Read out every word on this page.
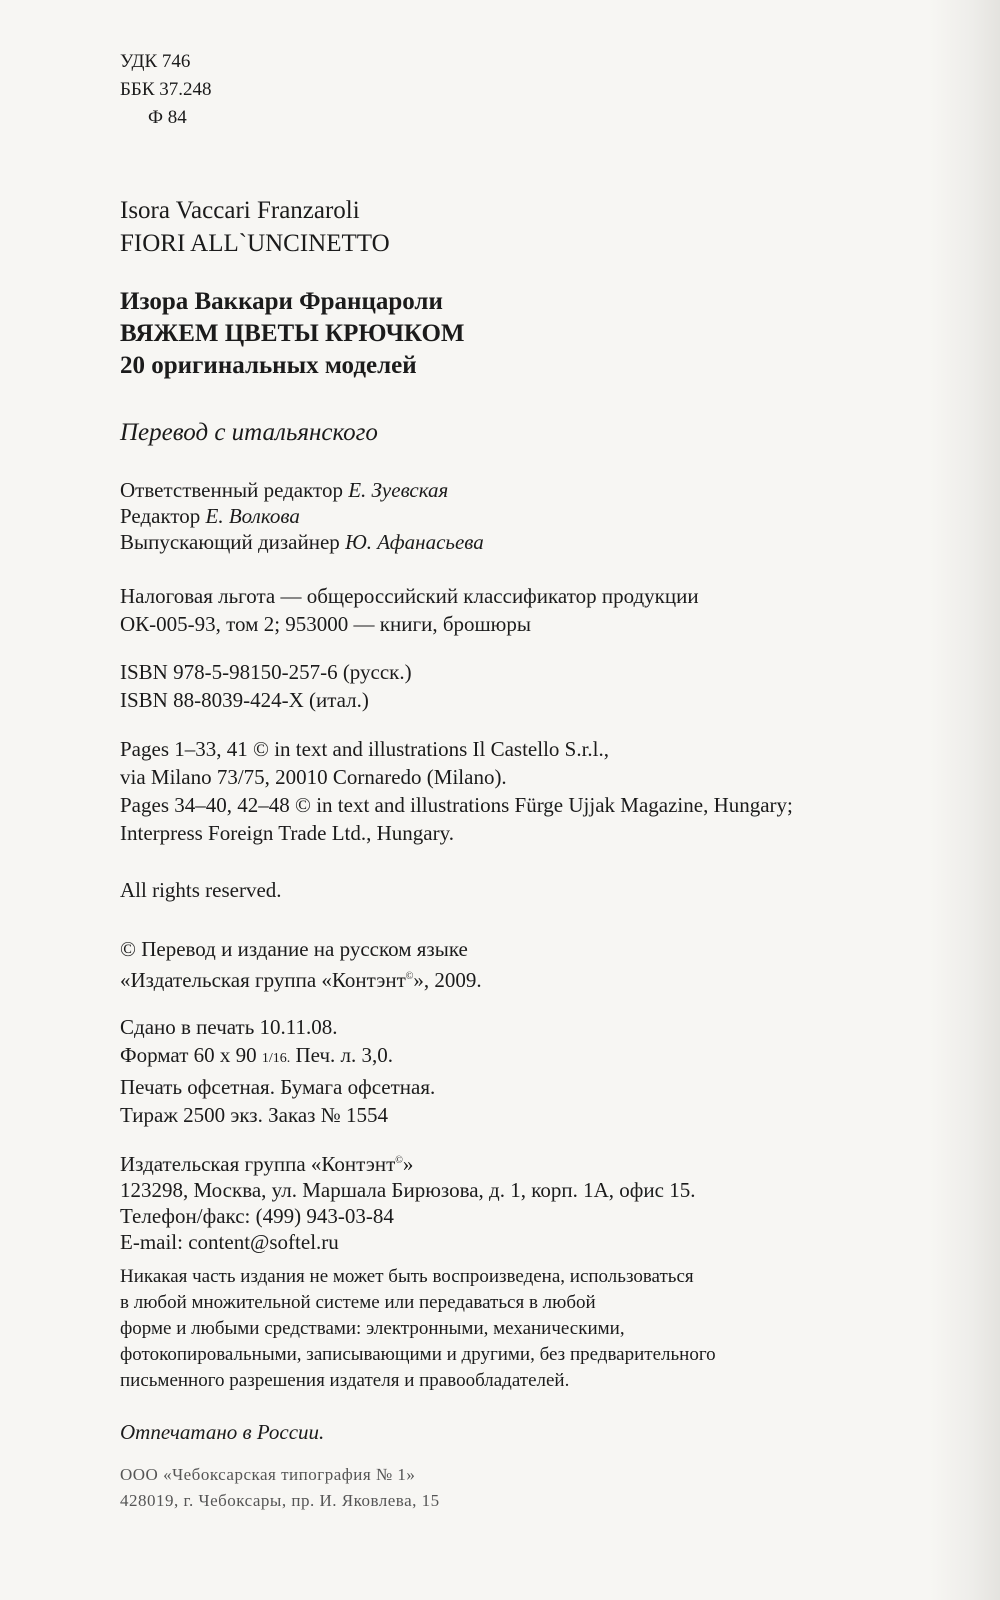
УДК 746
ББК 37.248
Ф 84
Isora Vaccari Franzaroli
FIORI ALL`UNCINETTO
Изора Ваккари Францароли
ВЯЖЕМ ЦВЕТЫ КРЮЧКОМ
20 оригинальных моделей
Перевод с итальянского
Ответственный редактор Е. Зуевская
Редактор Е. Волкова
Выпускающий дизайнер Ю. Афанасьева
Налоговая льгота — общероссийский классификатор продукции
ОК-005-93, том 2; 953000 — книги, брошюры
ISBN 978-5-98150-257-6 (русск.)
ISBN 88-8039-424-X (итал.)
Pages 1–33, 41 © in text and illustrations Il Castello S.r.l.,
via Milano 73/75, 20010 Cornaredo (Milano).
Pages 34–40, 42–48 © in text and illustrations Fürge Ujjak Magazine, Hungary;
Interpress Foreign Trade Ltd., Hungary.
All rights reserved.
© Перевод и издание на русском языке
«Издательская группа «Контэнт©», 2009.
Сдано в печать 10.11.08.
Формат 60 x 90 1/16. Печ. л. 3,0.
Печать офсетная. Бумага офсетная.
Тираж 2500 экз. Заказ № 1554
Издательская группа «Контэнт©»
123298, Москва, ул. Маршала Бирюзова, д. 1, корп. 1А, офис 15.
Телефон/факс: (499) 943-03-84
E-mail: content@softel.ru
Никакая часть издания не может быть воспроизведена, использоваться
в любой множительной системе или передаваться в любой
форме и любыми средствами: электронными, механическими,
фотокопировальными, записывающими и другими, без предварительного
письменного разрешения издателя и правообладателей.
Отпечатано в России.
ООО «Чебоксарская типография № 1»
428019, г. Чебоксары, пр. И. Яковлева, 15
